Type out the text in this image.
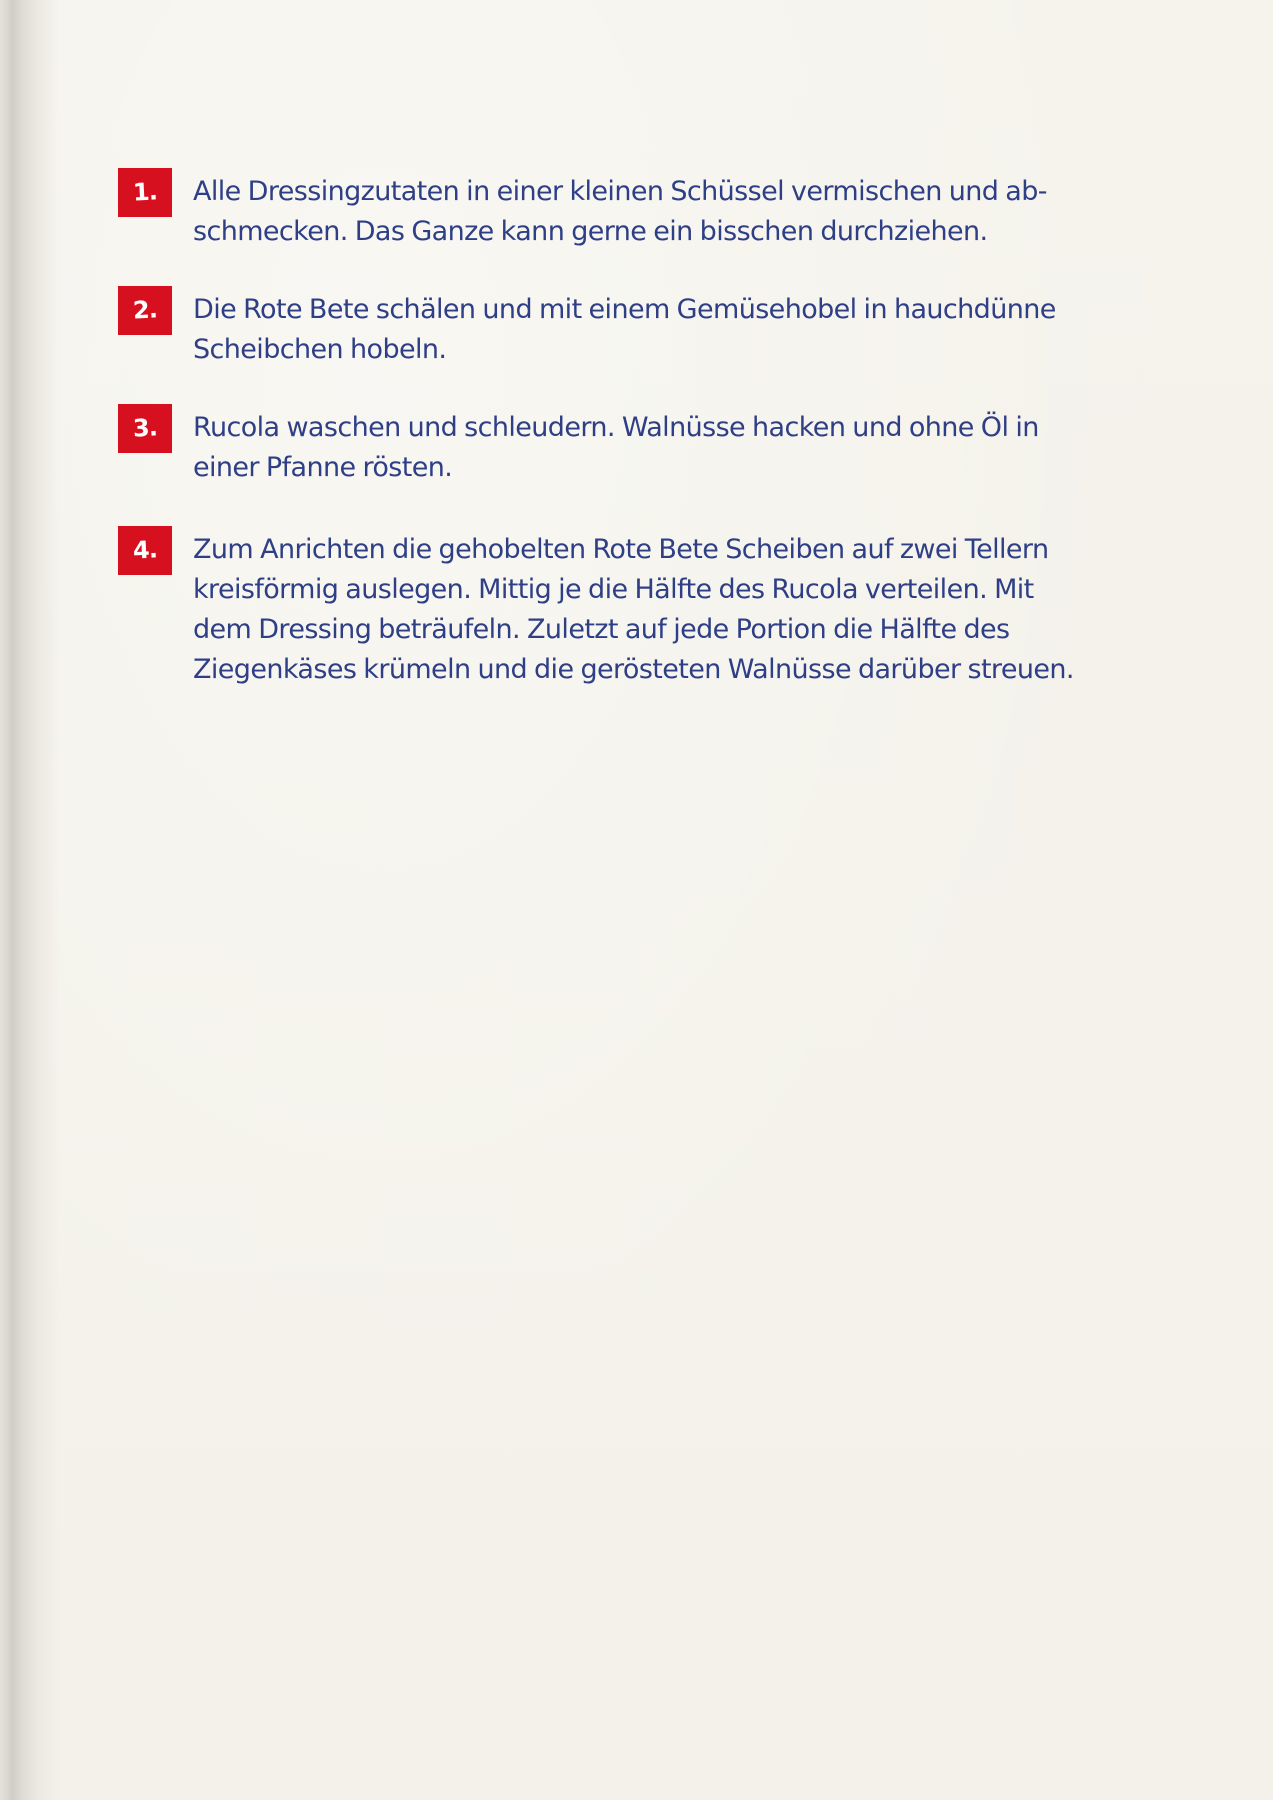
1.	Alle Dressingzutaten in einer kleinen Schüssel vermischen und ab-
schmecken. Das Ganze kann gerne ein bisschen durchziehen.
2.	Die Rote Bete schälen und mit einem Gemüsehobel in hauchdünne
Scheibchen hobeln.
3.	Rucola waschen und schleudern. Walnüsse hacken und ohne Öl in
einer Pfanne rösten.
4.	Zum Anrichten die gehobelten Rote Bete Scheiben auf zwei Tellern
kreisförmig auslegen. Mittig je die Hälfte des Rucola verteilen. Mit
dem Dressing beträufeln. Zuletzt auf jede Portion die Hälfte des
Ziegenkäses krümeln und die gerösteten Walnüsse darüber streuen.
